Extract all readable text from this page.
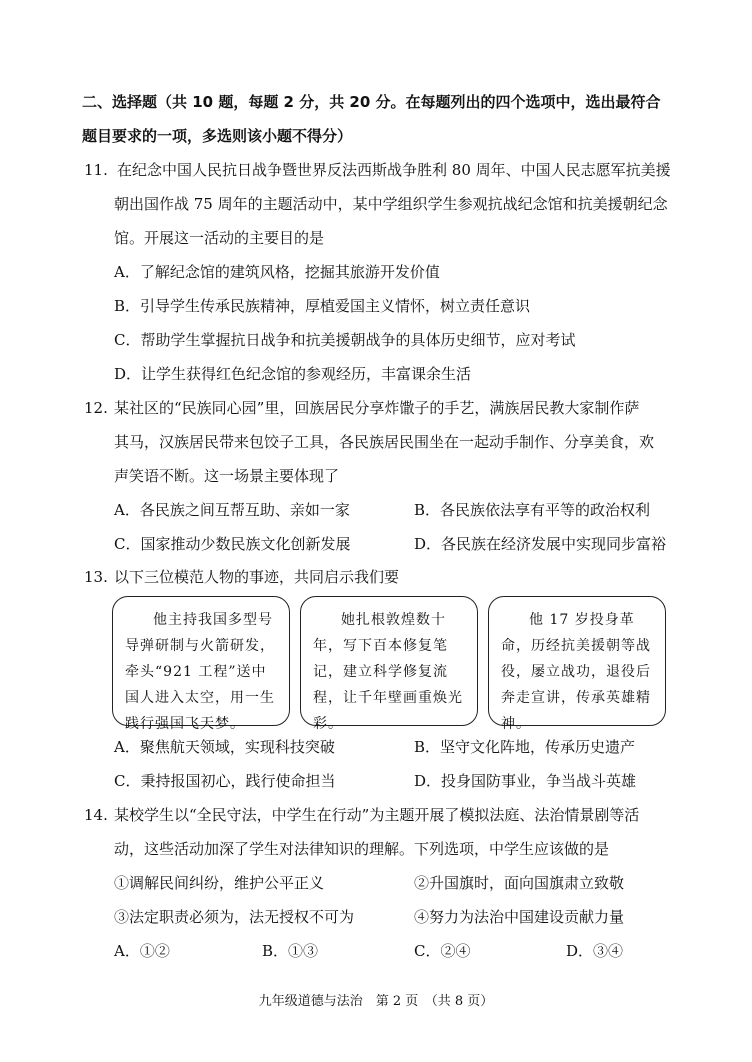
二、选择题（共 10 题，每题 2 分，共 20 分。在每题列出的四个选项中，选出最符合
题目要求的一项，多选则该小题不得分）
11. 在纪念中国人民抗日战争暨世界反法西斯战争胜利 80 周年、中国人民志愿军抗美援
朝出国作战 75 周年的主题活动中，某中学组织学生参观抗战纪念馆和抗美援朝纪念
馆。开展这一活动的主要目的是
A．了解纪念馆的建筑风格，挖掘其旅游开发价值
B．引导学生传承民族精神，厚植爱国主义情怀，树立责任意识
C．帮助学生掌握抗日战争和抗美援朝战争的具体历史细节，应对考试
D．让学生获得红色纪念馆的参观经历，丰富课余生活
12. 某社区的“民族同心园”里，回族居民分享炸馓子的手艺，满族居民教大家制作萨
其马，汉族居民带来包饺子工具，各民族居民围坐在一起动手制作、分享美食，欢
声笑语不断。这一场景主要体现了
A．各民族之间互帮互助、亲如一家	B．各民族依法享有平等的政治权利
C．国家推动少数民族文化创新发展	D．各民族在经济发展中实现同步富裕
13. 以下三位模范人物的事迹，共同启示我们要
他主持我国多型号导弹研制与火箭研发，牵头“921 工程”送中国人进入太空，用一生践行强国飞天梦。
她扎根敦煌数十年，写下百本修复笔记，建立科学修复流程，让千年壁画重焕光彩。
他 17 岁投身革命，历经抗美援朝等战役，屡立战功，退役后奔走宣讲，传承英雄精神。
A．聚焦航天领域，实现科技突破	B．坚守文化阵地，传承历史遗产
C．秉持报国初心，践行使命担当	D．投身国防事业，争当战斗英雄
14. 某校学生以“全民守法，中学生在行动”为主题开展了模拟法庭、法治情景剧等活
动，这些活动加深了学生对法律知识的理解。下列选项，中学生应该做的是
①调解民间纠纷，维护公平正义	②升国旗时，面向国旗肃立致敬
③法定职责必须为，法无授权不可为	④努力为法治中国建设贡献力量
A．①②	B．①③	C．②④	D．③④
九年级道德与法治　第 2 页　（共 8 页）
